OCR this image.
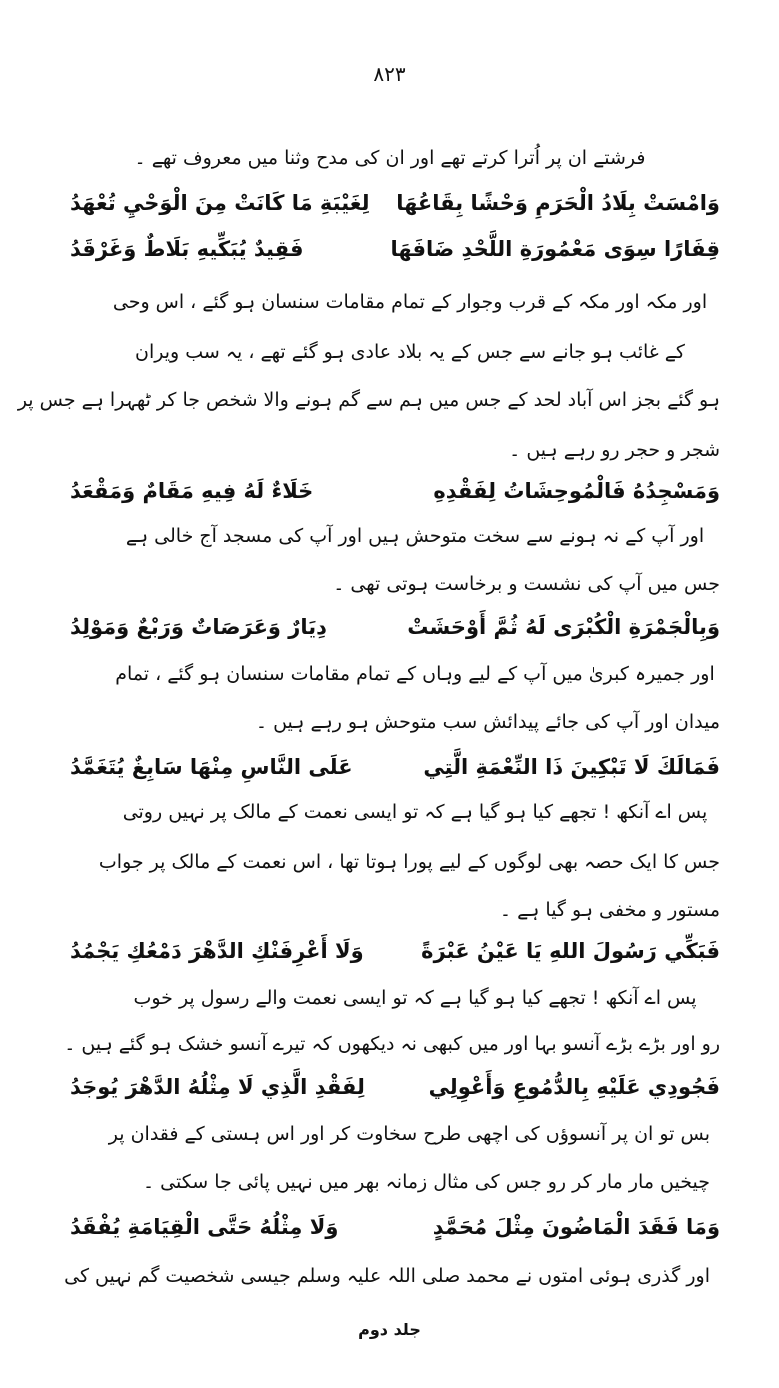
۸۲۳
فرشتے ان پر اُترا کرتے تھے اور ان کی مدح وثنا میں معروف تھے ۔
وَامْسَتْ بِلَادُ الْحَرَمِ وَحْشًا بِقَاعُهَا
لِغَيْبَةِ مَا كَانَتْ مِنَ الْوَحْيِ تُعْهَدُ
قِفَارًا سِوَى مَعْمُورَةِ اللَّحْدِ ضَافَهَا
فَقِيدٌ يُبَكِّيهِ بَلَاطٌ وَغَرْقَدُ
اور مکہ اور مکہ کے قرب وجوار کے تمام مقامات سنسان ہو گئے ، اس وحی
کے غائب ہو جانے سے جس کے یہ بلاد عادی ہو گئے تھے ، یہ سب ویران
ہو گئے بجز اس آباد لحد کے جس میں ہم سے گم ہونے والا شخص جا کر ٹھہرا ہے جس پر
شجر و حجر رو رہے ہیں ۔
وَمَسْجِدُهُ فَالْمُوحِشَاتُ لِفَقْدِهِ
خَلَاءٌ لَهُ فِيهِ مَقَامٌ وَمَقْعَدُ
اور آپ کے نہ ہونے سے سخت متوحش ہیں اور آپ کی مسجد آج خالی ہے
جس میں آپ کی نشست و برخاست ہوتی تھی ۔
وَبِالْجَمْرَةِ الْكُبْرَى لَهُ ثُمَّ أَوْحَشَتْ
دِيَارٌ وَعَرَصَاتٌ وَرَبْعٌ وَمَوْلِدُ
اور جمیرہ کبریٰ میں آپ کے لیے وہاں کے تمام مقامات سنسان ہو گئے ، تمام
میدان اور آپ کی جائے پیدائش سب متوحش ہو رہے ہیں ۔
فَمَالَكَ لَا تَبْكِينَ ذَا النِّعْمَةِ الَّتِي
عَلَى النَّاسِ مِنْهَا سَابِغٌ يُتَغَمَّدُ
پس اے آنکھ ! تجھے کیا ہو گیا ہے کہ تو ایسی نعمت کے مالک پر نہیں روتی
جس کا ایک حصہ بھی لوگوں کے لیے پورا ہوتا تھا ، اس نعمت کے مالک پر جواب
مستور و مخفی ہو گیا ہے ۔
فَبَكِّي رَسُولَ اللهِ يَا عَيْنُ عَبْرَةً
وَلَا أَعْرِفَنْكِ الدَّهْرَ دَمْعُكِ يَجْمُدُ
پس اے آنکھ ! تجھے کیا ہو گیا ہے کہ تو ایسی نعمت والے رسول پر خوب
رو اور بڑے بڑے آنسو بہا اور میں کبھی نہ دیکھوں کہ تیرے آنسو خشک ہو گئے ہیں ۔
فَجُودِي عَلَيْهِ بِالدُّمُوعِ وَأَعْوِلِي
لِفَقْدِ الَّذِي لَا مِثْلُهُ الدَّهْرَ يُوجَدُ
بس تو ان پر آنسوؤں کی اچھی طرح سخاوت کر اور اس ہستی کے فقدان پر
چیخیں مار مار کر رو جس کی مثال زمانہ بھر میں نہیں پائی جا سکتی ۔
وَمَا فَقَدَ الْمَاضُونَ مِثْلَ مُحَمَّدٍ
وَلَا مِثْلُهُ حَتَّى الْقِيَامَةِ يُفْقَدُ
اور گذری ہوئی امتوں نے محمد صلی اللہ علیہ وسلم جیسی شخصیت گم نہیں کی
جلد دوم
